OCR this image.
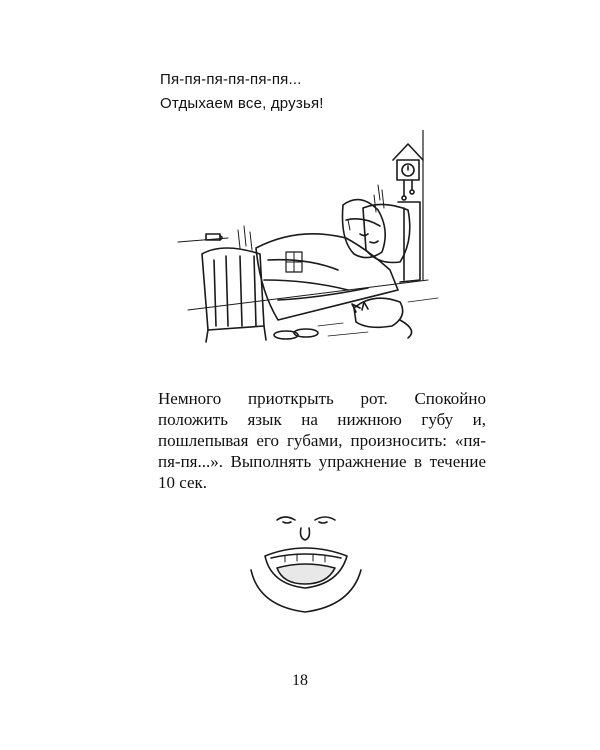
Пя-пя-пя-пя-пя-пя...
Отдыхаем все, друзья!
Немного приоткрыть рот. Спокойно положить язык на нижнюю губу и, пошлепывая его губами, произносить: «пя-пя-пя...». Выполнять упражнение в течение 10 сек.
18
